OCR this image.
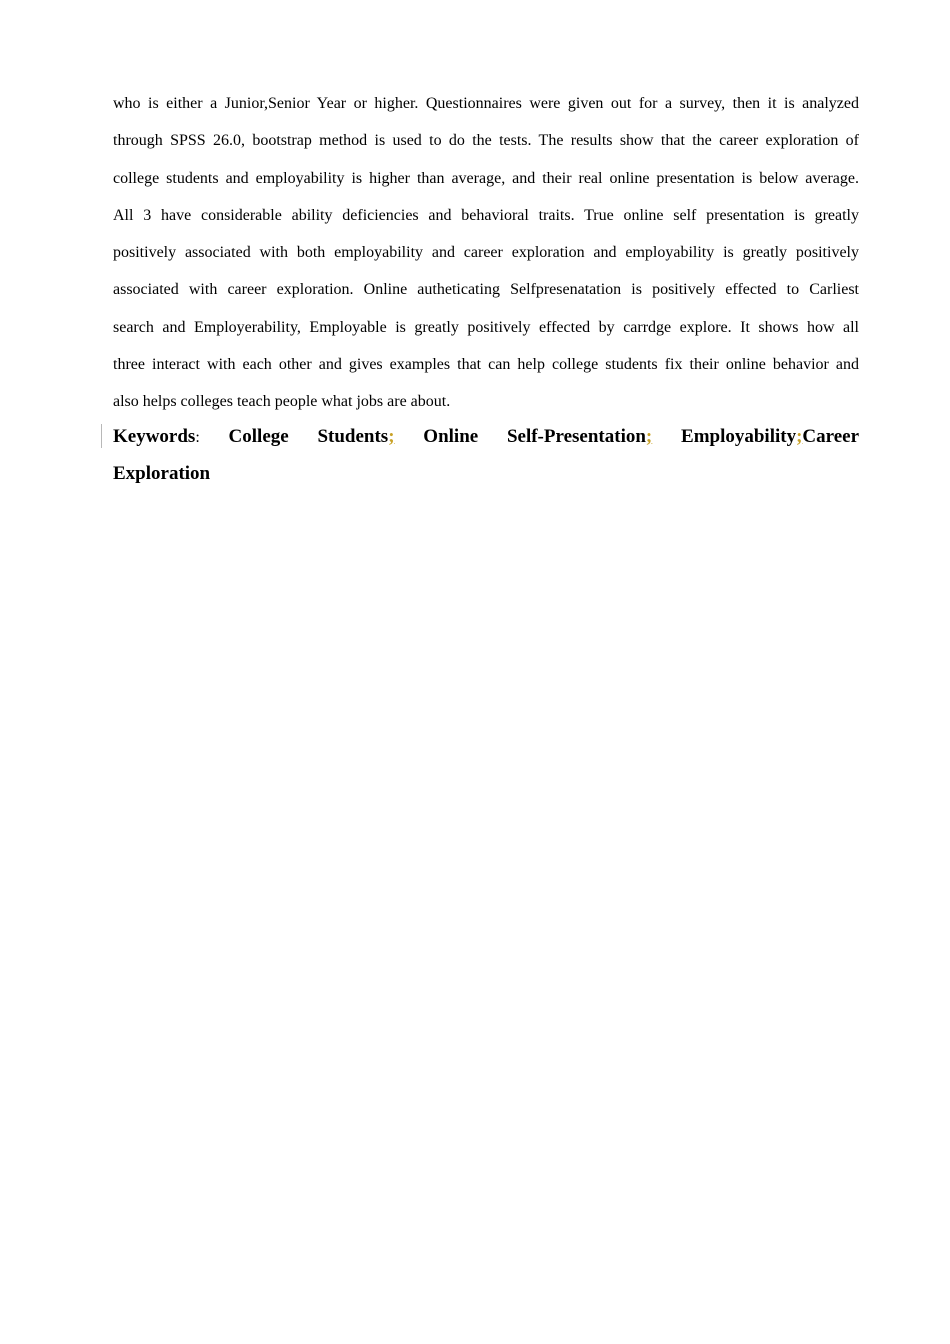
who is either a Junior,Senior Year or higher. Questionnaires were given out for a survey, then it is analyzed
through SPSS 26.0, bootstrap method is used to do the tests. The results show that the career exploration of
college students and employability is higher than average, and their real online presentation is below average.
All 3 have considerable ability deficiencies and behavioral traits. True online self presentation is greatly
positively associated with both employability and career exploration and employability is greatly positively
associated with career exploration. Online autheticating Selfpresenatation is positively effected to Carliest
search and Employerability, Employable is greatly positively effected by carrdge explore. It shows how all
three interact with each other and gives examples that can help college students fix their online behavior and
also helps colleges teach people what jobs are about.
Keywords: College Students; Online Self-Presentation; Employability;Career
Exploration
